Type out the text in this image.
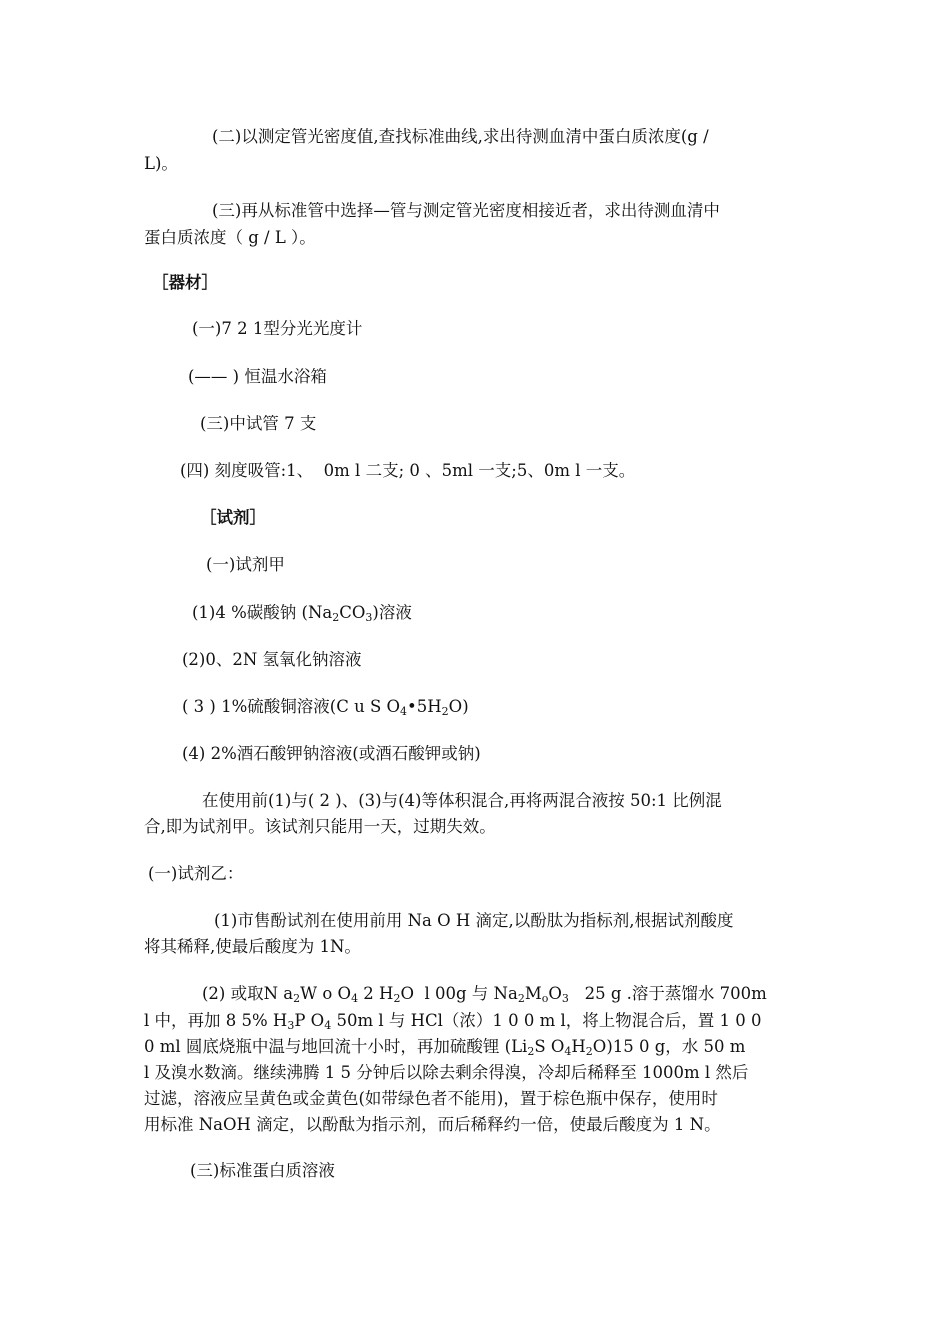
(二)以测定管光密度值,查找标准曲线,求出待测血清中蛋白质浓度(g /
L)。
(三)再从标准管中选择—管与测定管光密度相接近者，求出待测血清中
蛋白质浓度（ g / L ）。
［器材］
(一)7 2 1型分光光度计
(—— ) 恒温水浴箱
(三)中试管 7 支
(四) 刻度吸管:1、  0m l 二支; 0 、5ml 一支;5、0m l 一支。
［试剂］
(一)试剂甲
(1)4 %碳酸钠 $(Na_2CO_3)$溶液
(2)0、2N 氢氧化钠溶液
( 3 ) 1%硫酸铜溶液(C u S $O_4•5H_2O$)
(4) 2%酒石酸钾钠溶液(或酒石酸钾或钠)
在使用前(1)与( 2 )、(3)与(4)等体积混合,再将两混合液按 50:1 比例混
合,即为试剂甲。该试剂只能用一天，过期失效。
(一)试剂乙：
(1)市售酚试剂在使用前用 Na O H 滴定,以酚肽为指标剂,根据试剂酸度
将其稀释,使最后酸度为 1N。
(2) 或取N $a_2W$ o $O_4$ 2 $H_2O$  l 00g 与 $Na_2M_oO_3$   25 g .溶于蒸馏水 700m
l 中，再加 8 5% $H_3P$ $O_4$ 50m l 与 HCl（浓）1 0 0 m l，将上物混合后，置 1 0 0
0 ml 圆底烧瓶中温与地回流十小时，再加硫酸锂 ($Li_2S$ $O_4H_2O)15$ 0 g，水 50 m
l 及溴水数滴。继续沸腾 1 5 分钟后以除去剩余得溴，冷却后稀释至 1000m l 然后
过滤，溶液应呈黄色或金黄色(如带绿色者不能用)，置于棕色瓶中保存，使用时
用标准 NaOH 滴定，以酚酞为指示剂，而后稀释约一倍，使最后酸度为 1 N。
(三)标准蛋白质溶液
